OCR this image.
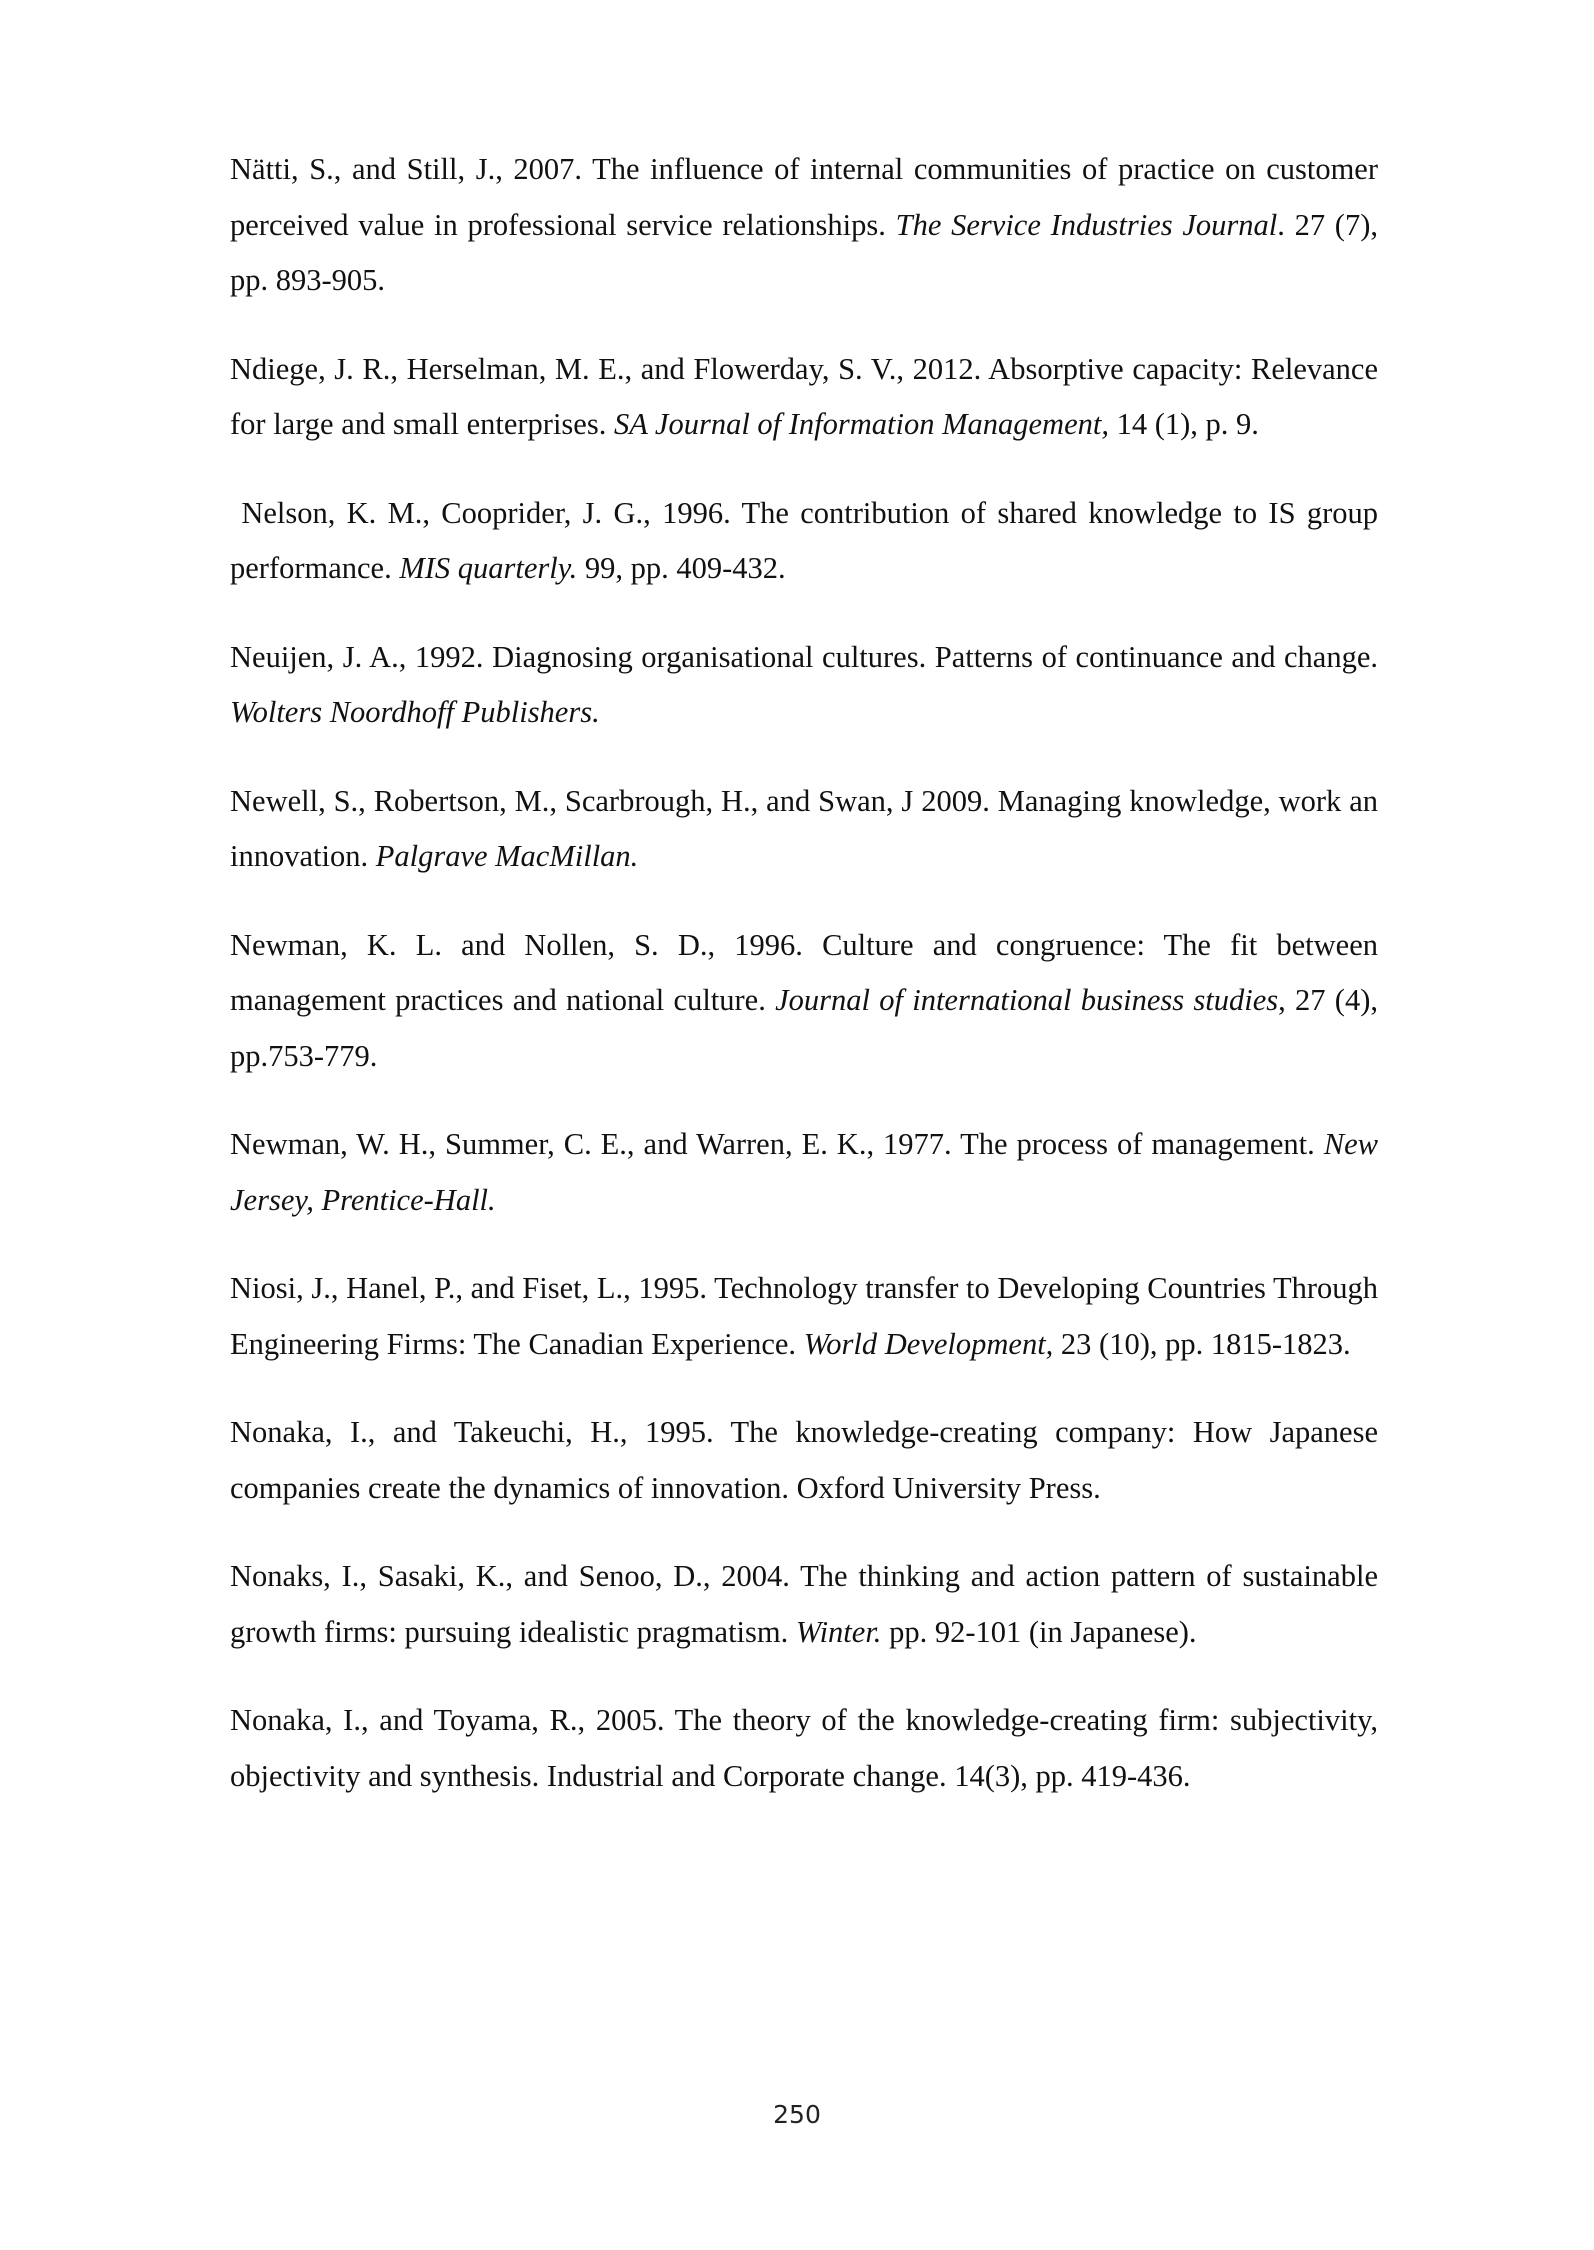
Nätti, S., and Still, J., 2007. The influence of internal communities of practice on customer perceived value in professional service relationships. The Service Industries Journal. 27 (7), pp. 893-905.

Ndiege, J. R., Herselman, M. E., and Flowerday, S. V., 2012. Absorptive capacity: Relevance for large and small enterprises. SA Journal of Information Management, 14 (1), p. 9.

Nelson, K. M., Cooprider, J. G., 1996. The contribution of shared knowledge to IS group performance. MIS quarterly. 99, pp. 409-432.

Neuijen, J. A., 1992. Diagnosing organisational cultures. Patterns of continuance and change. Wolters Noordhoff Publishers.

Newell, S., Robertson, M., Scarbrough, H., and Swan, J 2009. Managing knowledge, work an innovation. Palgrave MacMillan.

Newman, K. L. and Nollen, S. D., 1996. Culture and congruence: The fit between management practices and national culture. Journal of international business studies, 27 (4), pp.753-779.

Newman, W. H., Summer, C. E., and Warren, E. K., 1977. The process of management. New Jersey, Prentice-Hall.

Niosi, J., Hanel, P., and Fiset, L., 1995. Technology transfer to Developing Countries Through Engineering Firms: The Canadian Experience. World Development, 23 (10), pp. 1815-1823.

Nonaka, I., and Takeuchi, H., 1995. The knowledge-creating company: How Japanese companies create the dynamics of innovation. Oxford University Press.

Nonaks, I., Sasaki, K., and Senoo, D., 2004. The thinking and action pattern of sustainable growth firms: pursuing idealistic pragmatism. Winter. pp. 92-101 (in Japanese).

Nonaka, I., and Toyama, R., 2005. The theory of the knowledge-creating firm: subjectivity, objectivity and synthesis. Industrial and Corporate change. 14(3), pp. 419-436.

250
